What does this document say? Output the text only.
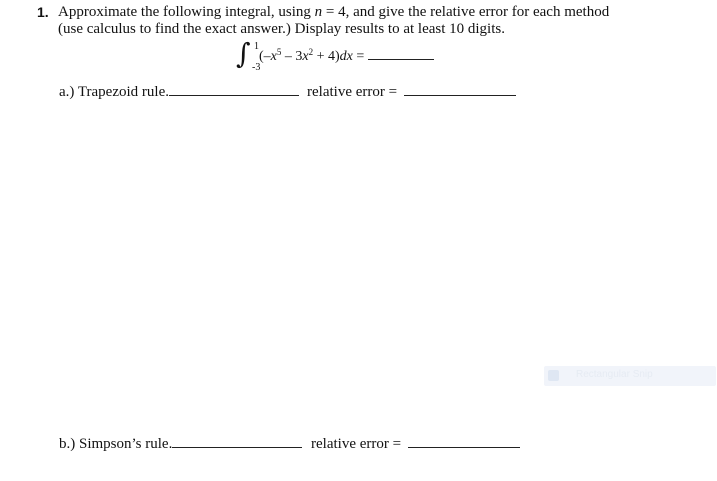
1. Approximate the following integral, using n = 4, and give the relative error for each method
(use calculus to find the exact answer.) Display results to at least 10 digits.
∫ 1
-3
$(-x^5 - 3x^2 + 4)dx$ =
a.) Trapezoid rule.	relative error =
Rectangular Snip
b.) Simpson’s rule.	relative error =
